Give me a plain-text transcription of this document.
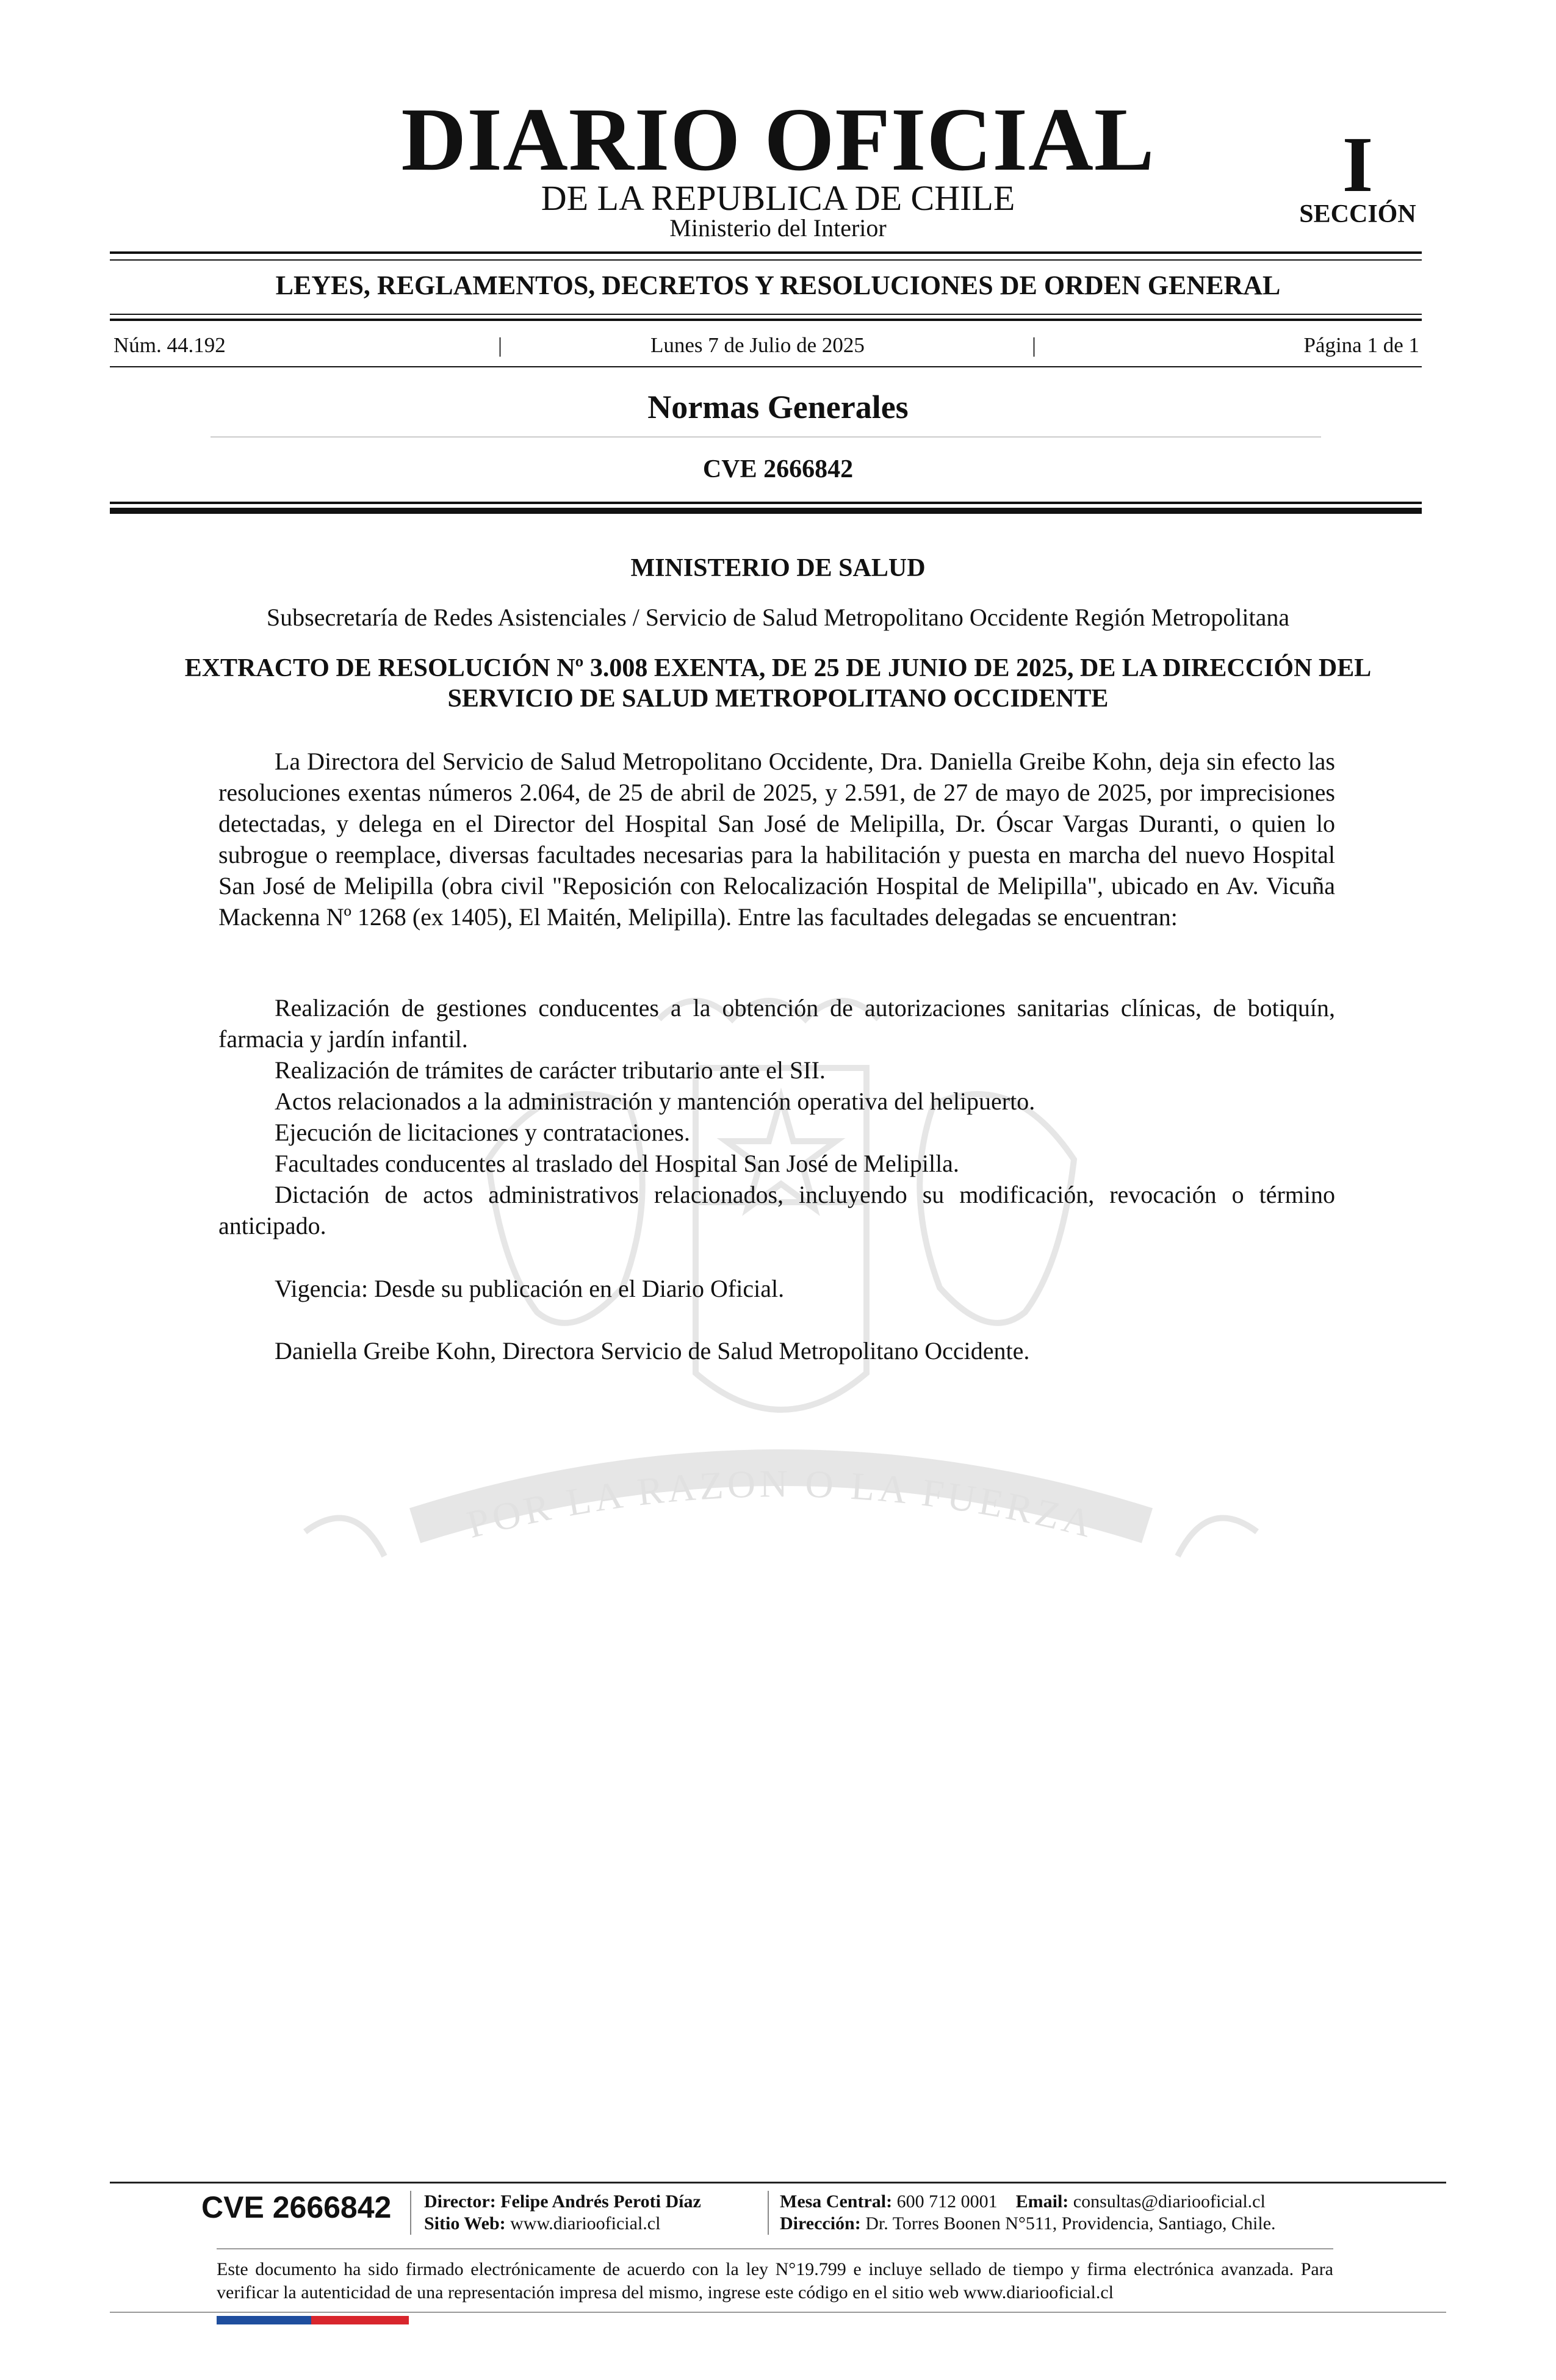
POR LA RAZON O LA FUERZA
DIARIO OFICIAL
DE LA REPUBLICA DE CHILE
Ministerio del Interior
I
SECCIÓN
LEYES, REGLAMENTOS, DECRETOS Y RESOLUCIONES DE ORDEN GENERAL
Núm. 44.192	|	Lunes 7 de Julio de 2025	|	Página 1 de 1
Normas Generales
CVE 2666842
MINISTERIO DE SALUD
Subsecretaría de Redes Asistenciales / Servicio de Salud Metropolitano Occidente Región Metropolitana
EXTRACTO DE RESOLUCIÓN Nº 3.008 EXENTA, DE 25 DE JUNIO DE 2025, DE LA DIRECCIÓN DEL SERVICIO DE SALUD METROPOLITANO OCCIDENTE

La Directora del Servicio de Salud Metropolitano Occidente, Dra. Daniella Greibe Kohn, deja sin efecto las resoluciones exentas números 2.064, de 25 de abril de 2025, y 2.591, de 27 de mayo de 2025, por imprecisiones detectadas, y delega en el Director del Hospital San José de Melipilla, Dr. Óscar Vargas Duranti, o quien lo subrogue o reemplace, diversas facultades necesarias para la habilitación y puesta en marcha del nuevo Hospital San José de Melipilla (obra civil "Reposición con Relocalización Hospital de Melipilla", ubicado en Av. Vicuña Mackenna Nº 1268 (ex 1405), El Maitén, Melipilla). Entre las facultades delegadas se encuentran:

Realización de gestiones conducentes a la obtención de autorizaciones sanitarias clínicas, de botiquín, farmacia y jardín infantil.
Realización de trámites de carácter tributario ante el SII.
Actos relacionados a la administración y mantención operativa del helipuerto.
Ejecución de licitaciones y contrataciones.
Facultades conducentes al traslado del Hospital San José de Melipilla.
Dictación de actos administrativos relacionados, incluyendo su modificación, revocación o término anticipado.
Vigencia: Desde su publicación en el Diario Oficial.
Daniella Greibe Kohn, Directora Servicio de Salud Metropolitano Occidente.
CVE 2666842 Director: Felipe Andrés Peroti Díaz
Sitio Web: www.diariooficial.cl
Mesa Central: 600 712 0001 Email: consultas@diariooficial.cl
Dirección: Dr. Torres Boonen N°511, Providencia, Santiago, Chile.
Este documento ha sido firmado electrónicamente de acuerdo con la ley N°19.799 e incluye sellado de tiempo y firma electrónica avanzada. Para verificar la autenticidad de una representación impresa del mismo, ingrese este código en el sitio web www.diariooficial.cl
